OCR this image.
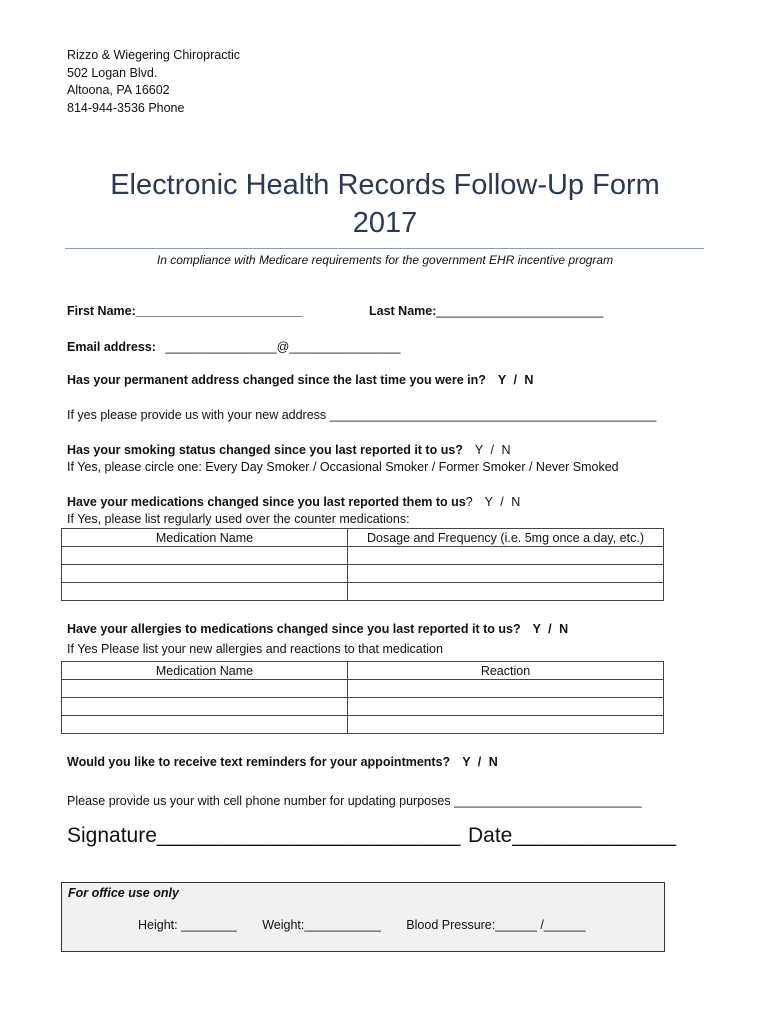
Rizzo & Wiegering Chiropractic
502 Logan Blvd.
Altoona, PA 16602
814-944-3536 Phone
Electronic Health Records Follow-Up Form
2017
In compliance with Medicare requirements for the government EHR incentive program
First Name:________________________	Last Name:________________________
Email address: ________________@________________
Has your permanent address changed since the last time you were in? Y / N
If yes please provide us with your new address _______________________________________________
Has your smoking status changed since you last reported it to us? Y / N
If Yes, please circle one: Every Day Smoker / Occasional Smoker / Former Smoker / Never Smoked
Have your medications changed since you last reported them to us? Y / N
If Yes, please list regularly used over the counter medications:
Medication Name	Dosage and Frequency (i.e. 5mg once a day, etc.)

Have your allergies to medications changed since you last reported it to us? Y / N
If Yes Please list your new allergies and reactions to that medication
Medication Name	Reaction

Would you like to receive text reminders for your appointments? Y / N
Please provide us your with cell phone number for updating purposes ___________________________
Signature__________________________ Date______________
For office use only
Height: ________ Weight:___________ Blood Pressure:______ /______
